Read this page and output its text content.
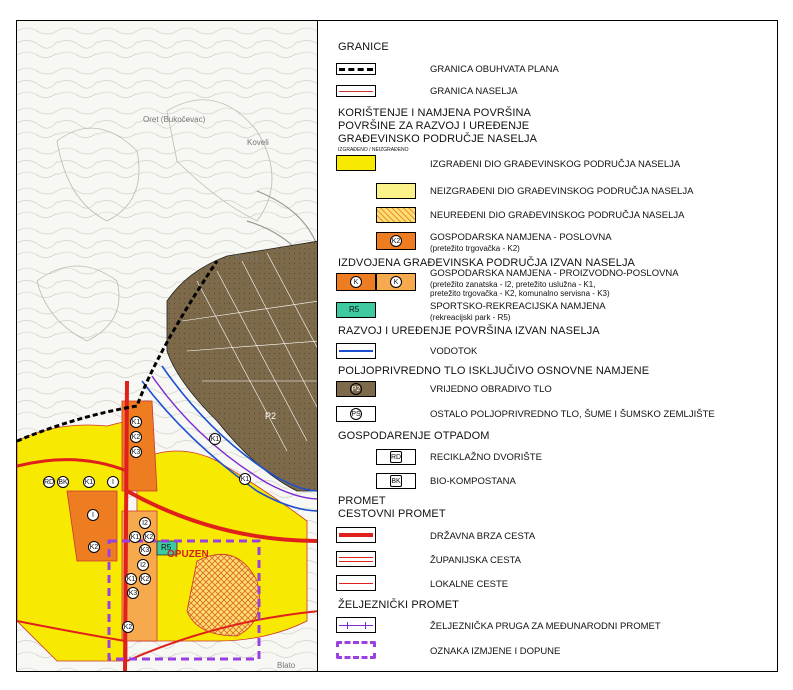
OPUZEN
P2
K1
K2
K3
K1
K1
K1	I
I
I2
K1 K2
K3 R5
I2
K1 K2
K3
K2
K2
RD BK
K u n j
Oret (Bukočevac)
Koveli
Blato
GRANICE
GRANICA OBUHVATA PLANA
GRANICA NASELJA
KORIŠTENJE I NAMJENA POVRŠINA
POVRŠINE ZA RAZVOJ I UREĐENJE
GRAĐEVINSKO PODRUČJE NASELJA
IZGRAĐENO / NEIZGRAĐENO
IZGRAĐENI DIO GRAĐEVINSKOG PODRUČJA NASELJA
NEIZGRAĐENI DIO GRAĐEVINSKOG PODRUČJA NASELJA
NEUREĐENI DIO GRAĐEVINSKOG PODRUČJA NASELJA
K2	GOSPODARSKA NAMJENA - POSLOVNA
(pretežito trgovačka - K2)
IZDVOJENA GRAĐEVINSKA PODRUČJA IZVAN NASELJA
K	K
GOSPODARSKA NAMJENA - PROIZVODNO-POSLOVNA
(pretežito zanatska - I2, pretežito uslužna - K1,
pretežito trgovačka - K2, komunalno servisna - K3)
R5	SPORTSKO-REKREACIJSKA NAMJENA
(rekreacijski park - R5)
RAZVOJ I UREĐENJE POVRŠINA IZVAN NASELJA
VODOTOK
POLJOPRIVREDNO TLO ISKLJUČIVO OSNOVNE NAMJENE
P2	VRIJEDNO OBRADIVO TLO
PŠ	OSTALO POLJOPRIVREDNO TLO, ŠUME I ŠUMSKO ZEMLJIŠTE
GOSPODARENJE OTPADOM
RD	RECIKLAŽNO DVORIŠTE
BK	BIO-KOMPOSTANA
PROMET
CESTOVNI PROMET
DRŽAVNA BRZA CESTA
ŽUPANIJSKA CESTA
LOKALNE CESTE
ŽELJEZNIČKI PROMET
ŽELJEZNIČKA PRUGA ZA MEĐUNARODNI PROMET
OZNAKA IZMJENE I DOPUNE
